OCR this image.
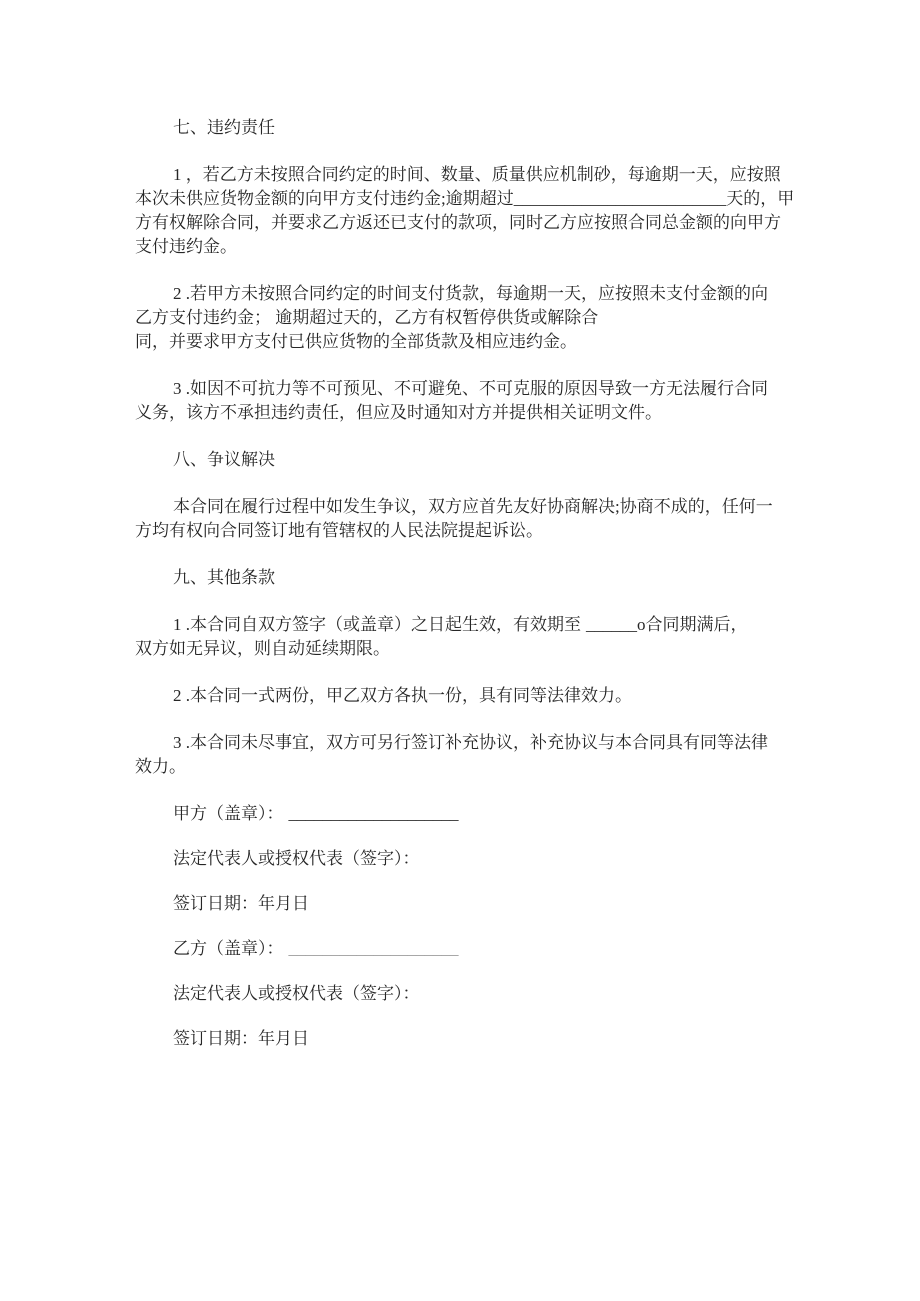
七、违约责任
1 ，若乙方未按照合同约定的时间、数量、质量供应机制砂，每逾期一天，应按照
本次未供应货物金额的向甲方支付违约金;逾期超过_________________________天的，甲
方有权解除合同，并要求乙方返还已支付的款项，同时乙方应按照合同总金额的向甲方
支付违约金。
2 .若甲方未按照合同约定的时间支付货款，每逾期一天，应按照未支付金额的向
乙方支付违约金； 逾期超过天的，乙方有权暂停供货或解除合
同，并要求甲方支付已供应货物的全部货款及相应违约金。
3 .如因不可抗力等不可预见、不可避免、不可克服的原因导致一方无法履行合同
义务，该方不承担违约责任，但应及时通知对方并提供相关证明文件。
八、争议解决
本合同在履行过程中如发生争议，双方应首先友好协商解决;协商不成的，任何一
方均有权向合同签订地有管辖权的人民法院提起诉讼。
九、其他条款
1 .本合同自双方签字（或盖章）之日起生效，有效期至 ______o合同期满后，
双方如无异议，则自动延续期限。
2 .本合同一式两份，甲乙双方各执一份，具有同等法律效力。
3 .本合同未尽事宜，双方可另行签订补充协议，补充协议与本合同具有同等法律
效力。
甲方（盖章）： ____________________
法定代表人或授权代表（签字）：
签订日期：年月日
乙方（盖章）： ____________________
法定代表人或授权代表（签字）：
签订日期：年月日
